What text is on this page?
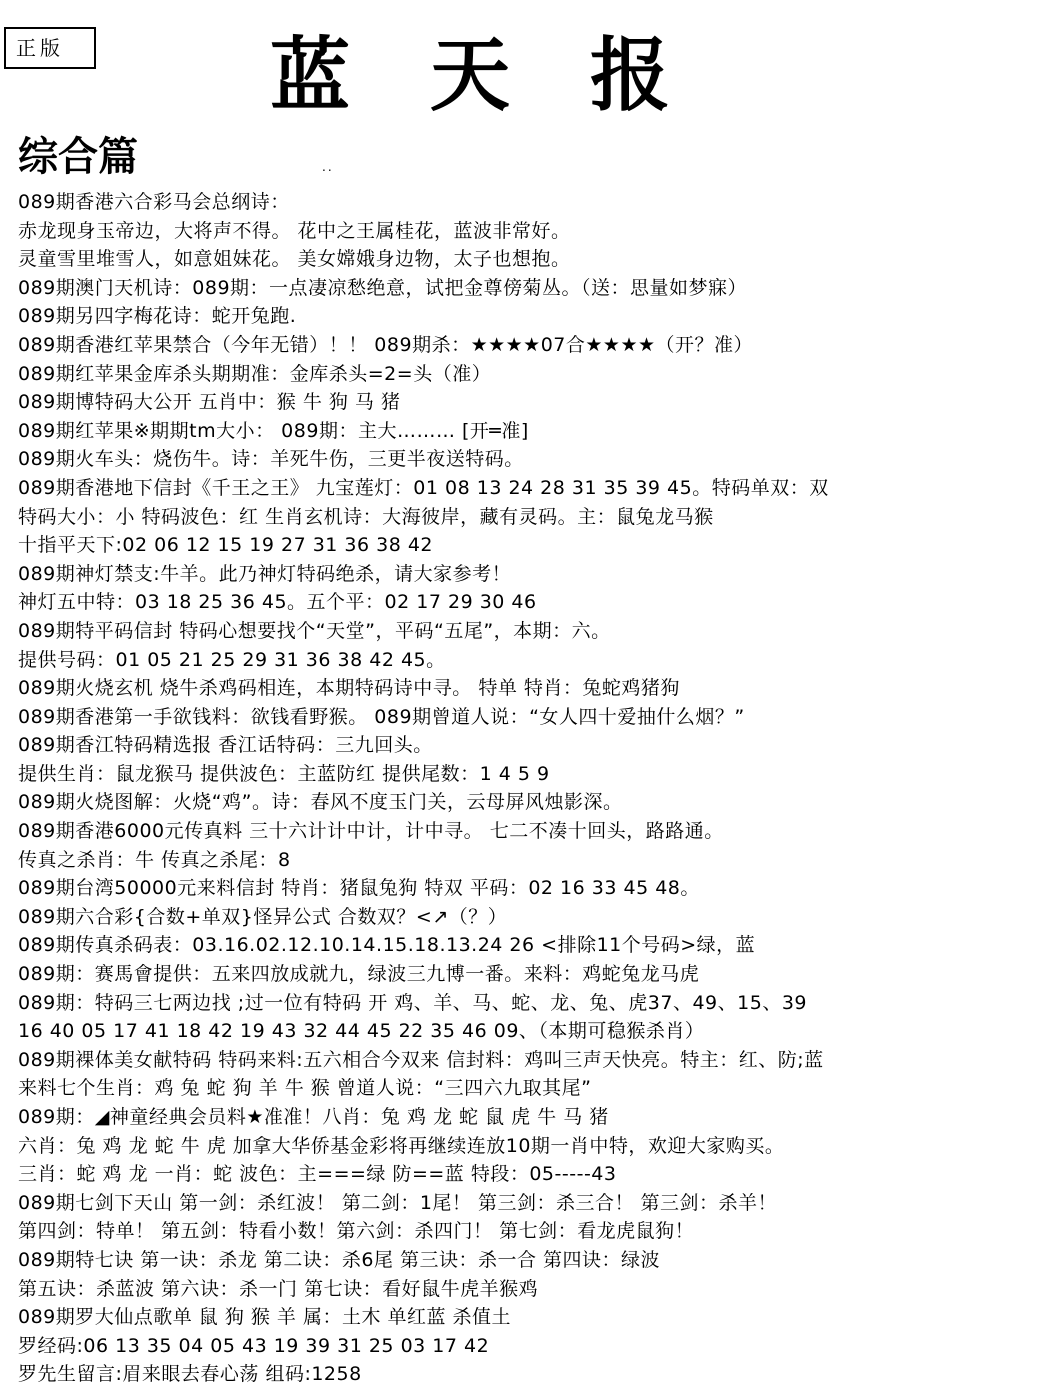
正版	蓝天报
综合篇	..
089期香港六合彩马会总纲诗：
赤龙现身玉帝边，大将声不得。 花中之王属桂花，蓝波非常好。
灵童雪里堆雪人，如意姐妹花。 美女嫦娥身边物，太子也想抱。
089期澳门天机诗：089期：一点凄凉愁绝意，试把金尊傍菊丛。（送：思量如梦寐）
089期另四字梅花诗：蛇开兔跑.
089期香港红苹果禁合（今年无错）！！ 089期杀：★★★★07合★★★★（开？准）
089期红苹果金库杀头期期准：金库杀头=2=头（准）
089期博特码大公开 五肖中：猴 牛 狗 马 猪
089期红苹果※期期tm大小： 089期：主大……… [开═准]
089期火车头：烧伤牛。诗：羊死牛伤，三更半夜送特码。
089期香港地下信封《千王之王》 九宝莲灯：01 08 13 24 28 31 35 39 45。特码单双：双
特码大小：小 特码波色：红 生肖玄机诗：大海彼岸，藏有灵码。主：鼠兔龙马猴
十指平天下:02 06 12 15 19 27 31 36 38 42
089期神灯禁支:牛羊。此乃神灯特码绝杀，请大家参考！
神灯五中特：03 18 25 36 45。五个平：02 17 29 30 46
089期特平码信封 特码心想要找个“天堂”，平码“五尾”，本期：六。
提供号码：01 05 21 25 29 31 36 38 42 45。
089期火烧玄机 烧牛杀鸡码相连，本期特码诗中寻。 特单 特肖：兔蛇鸡猪狗
089期香港第一手欲钱料：欲钱看野猴。 089期曾道人说：“女人四十爱抽什么烟？”
089期香江特码精选报 香江话特码：三九回头。
提供生肖：鼠龙猴马 提供波色：主蓝防红 提供尾数：1 4 5 9
089期火烧图解：火烧“鸡”。诗：春风不度玉门关，云母屏风烛影深。
089期香港6000元传真料 三十六计计中计，计中寻。 七二不凑十回头，路路通。
传真之杀肖：牛 传真之杀尾：8
089期台湾50000元来料信封 特肖：猪鼠兔狗 特双 平码：02 16 33 45 48。
089期六合彩{合数+单双}怪异公式 合数双？<↗（？）
089期传真杀码表：03.16.02.12.10.14.15.18.13.24 26 <排除11个号码>绿，蓝
089期：赛馬會提供：五来四放成就九，绿波三九博一番。来料：鸡蛇兔龙马虎
089期：特码三七两边找 ;过一位有特码 开 鸡、羊、马、蛇、龙、兔、虎37、49、15、39
16 40 05 17 41 18 42 19 43 32 44 45 22 35 46 09、（本期可稳猴杀肖）
089期裸体美女献特码 特码来料:五六相合今双来 信封料：鸡叫三声天快亮。特主：红、防;蓝
来料七个生肖：鸡 兔 蛇 狗 羊 牛 猴 曾道人说：“三四六九取其尾”
089期：◢神童经典会员料★准准！八肖：兔 鸡 龙 蛇 鼠 虎 牛 马 猪
六肖：兔 鸡 龙 蛇 牛 虎 加拿大华侨基金彩将再继续连放10期一肖中特，欢迎大家购买。
三肖：蛇 鸡 龙 一肖：蛇 波色：主===绿 防==蓝 特段：05-----43
089期七剑下天山 第一剑：杀红波！ 第二剑：1尾！ 第三剑：杀三合！ 第三剑：杀羊！
第四剑：特单！ 第五剑：特看小数！第六剑：杀四门！ 第七剑：看龙虎鼠狗！
089期特七诀 第一诀：杀龙 第二诀：杀6尾 第三诀：杀一合 第四诀：绿波
第五诀：杀蓝波 第六诀：杀一门 第七诀：看好鼠牛虎羊猴鸡
089期罗大仙点歌单 鼠 狗 猴 羊 属：土木 单红蓝 杀值土
罗经码:06 13 35 04 05 43 19 39 31 25 03 17 42
罗先生留言:眉来眼去春心荡 组码:1258
